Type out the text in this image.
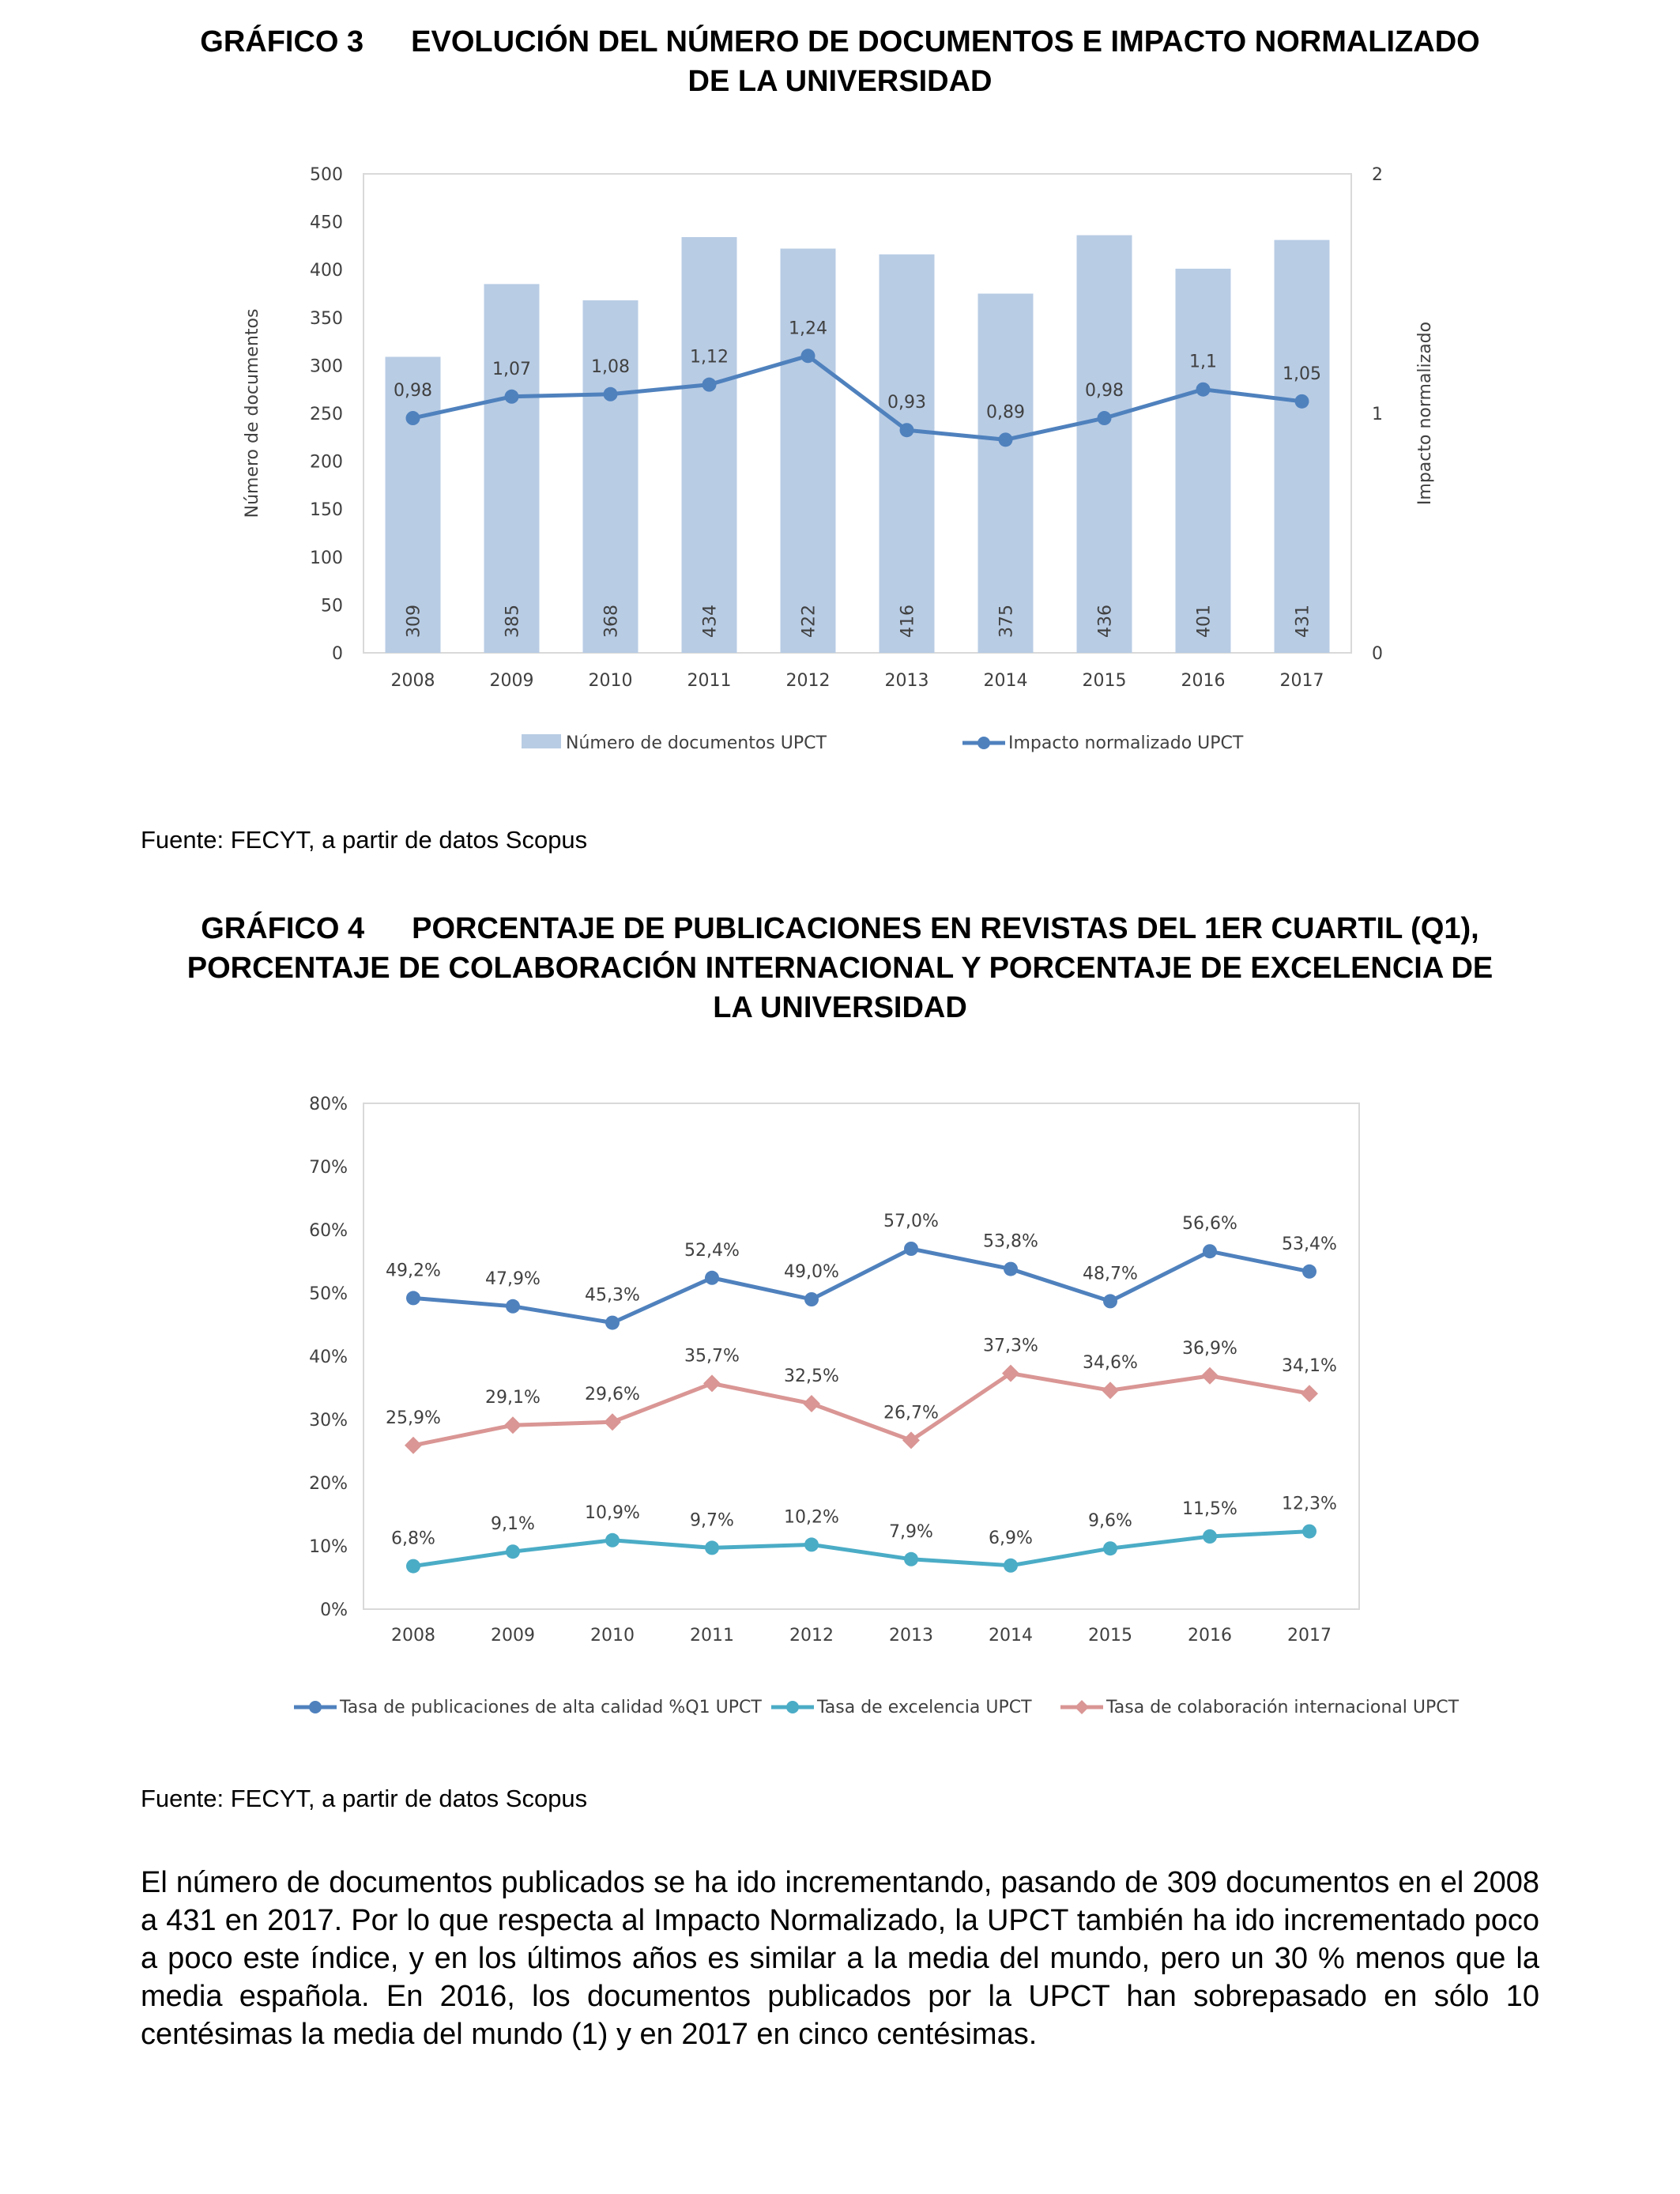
GRÁFICO 3 EVOLUCIÓN DEL NÚMERO DE DOCUMENTOS E IMPACTO NORMALIZADO
DE LA UNIVERSIDAD
0
50
100
150
200
250
300
350
400
450
500
0
1
2
Número de documentos	Impacto normalizado
309
2008
385
2009
368
2010
434
2011
422
2012
416
2013
375
2014
436
2015
401
2016
431
2017
0,98
1,07	1,08	1,12
1,24
0,93	0,89
0,98
1,1
1,05
Número de documentos UPCT	Impacto normalizado UPCT
Fuente: FECYT, a partir de datos Scopus
GRÁFICO 4 PORCENTAJE DE PUBLICACIONES EN REVISTAS DEL 1ER CUARTIL (Q1),
PORCENTAJE DE COLABORACIÓN INTERNACIONAL Y PORCENTAJE DE EXCELENCIA DE
LA UNIVERSIDAD
0%
10%
20%
30%
40%
50%
60%
70%
80%
2008	2009	2010	2011	2012	2013	2014	2015	2016	2017
49,2%	47,9%
45,3%
52,4%
49,0%
57,0%
53,8%
48,7%
56,6%
53,4%
6,8%
9,1%
10,9%	9,7%	10,2%
7,9%	6,9%
9,6%
11,5%	12,3%
25,9%
29,1%	29,6%
35,7%
32,5%
26,7%
37,3%
34,6%
36,9%
34,1%
Tasa de publicaciones de alta calidad %Q1 UPCT	Tasa de excelencia UPCT	Tasa de colaboración internacional UPCT
Fuente: FECYT, a partir de datos Scopus
El número de documentos publicados se ha ido incrementando, pasando de 309 documentos en el 2008 a 431 en 2017. Por lo que respecta al Impacto Normalizado, la UPCT también ha ido incrementado poco a poco este índice, y en los últimos años es similar a la media del mundo, pero un 30 % menos que la media española. En 2016, los documentos publicados por la UPCT han sobrepasado en sólo 10 centésimas la media del mundo (1) y en 2017 en cinco centésimas.
